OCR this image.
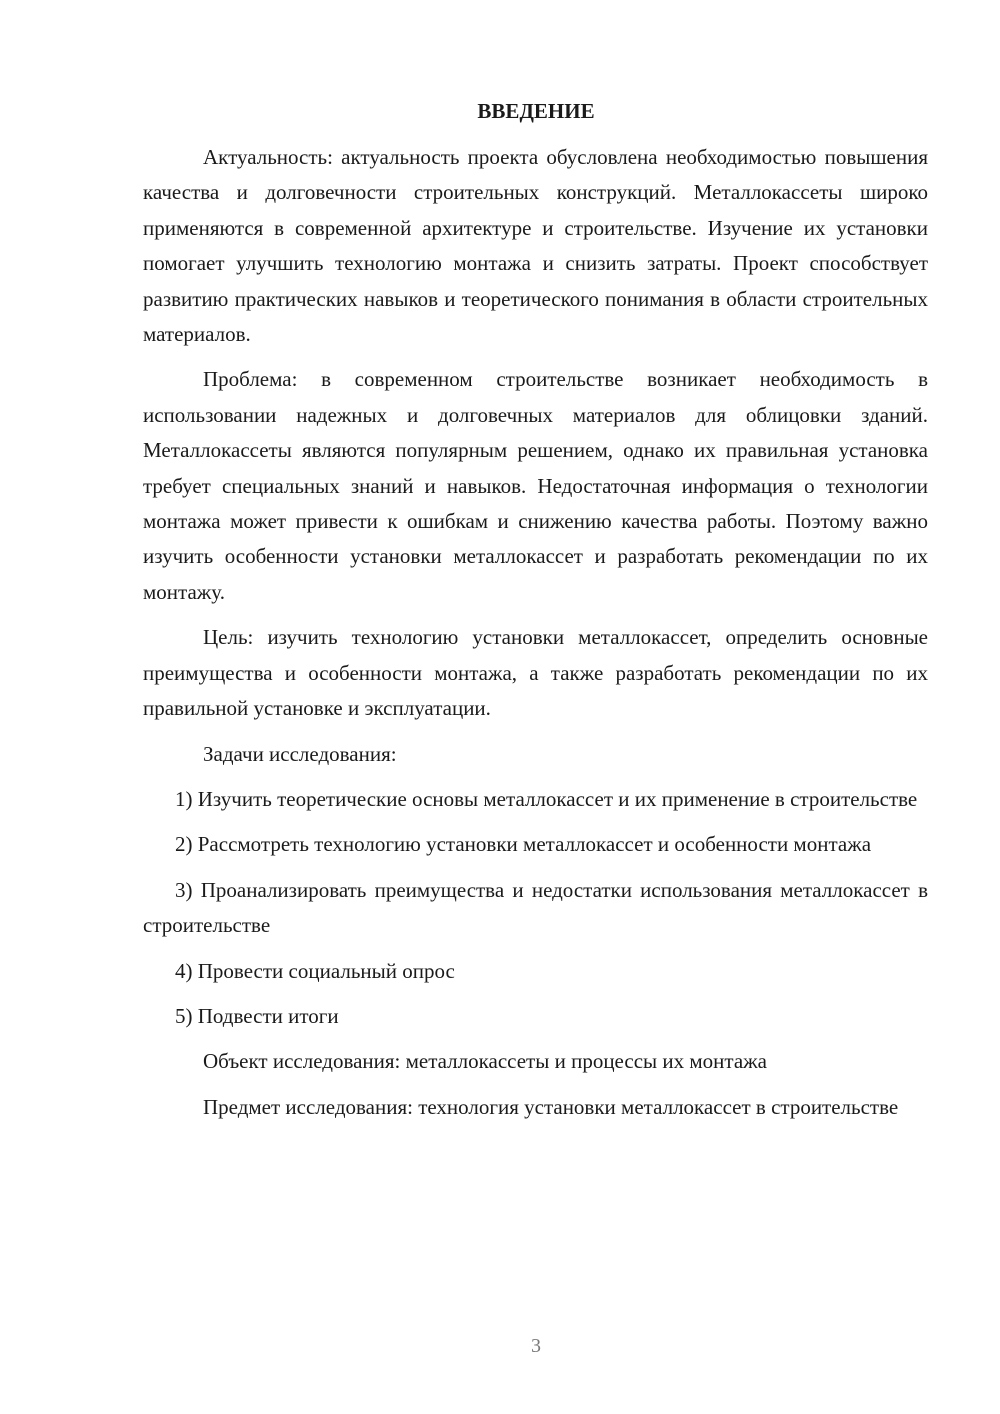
ВВЕДЕНИЕ

Актуальность: актуальность проекта обусловлена необходимостью повышения качества и долговечности строительных конструкций. Металлокассеты широко применяются в современной архитектуре и строительстве. Изучение их установки помогает улучшить технологию монтажа и снизить затраты. Проект способствует развитию практических навыков и теоретического понимания в области строительных материалов.

Проблема: в современном строительстве возникает необходимость в использовании надежных и долговечных материалов для облицовки зданий. Металлокассеты являются популярным решением, однако их правильная установка требует специальных знаний и навыков. Недостаточная информация о технологии монтажа может привести к ошибкам и снижению качества работы. Поэтому важно изучить особенности установки металлокассет и разработать рекомендации по их монтажу.

Цель: изучить технологию установки металлокассет, определить основные преимущества и особенности монтажа, а также разработать рекомендации по их правильной установке и эксплуатации.

Задачи исследования:

1) Изучить теоретические основы металлокассет и их применение в строительстве

2) Рассмотреть технологию установки металлокассет и особенности монтажа

3) Проанализировать преимущества и недостатки использования металлокассет в строительстве

4) Провести социальный опрос

5) Подвести итоги

Объект исследования: металлокассеты и процессы их монтажа

Предмет исследования: технология установки металлокассет в строительстве

3
